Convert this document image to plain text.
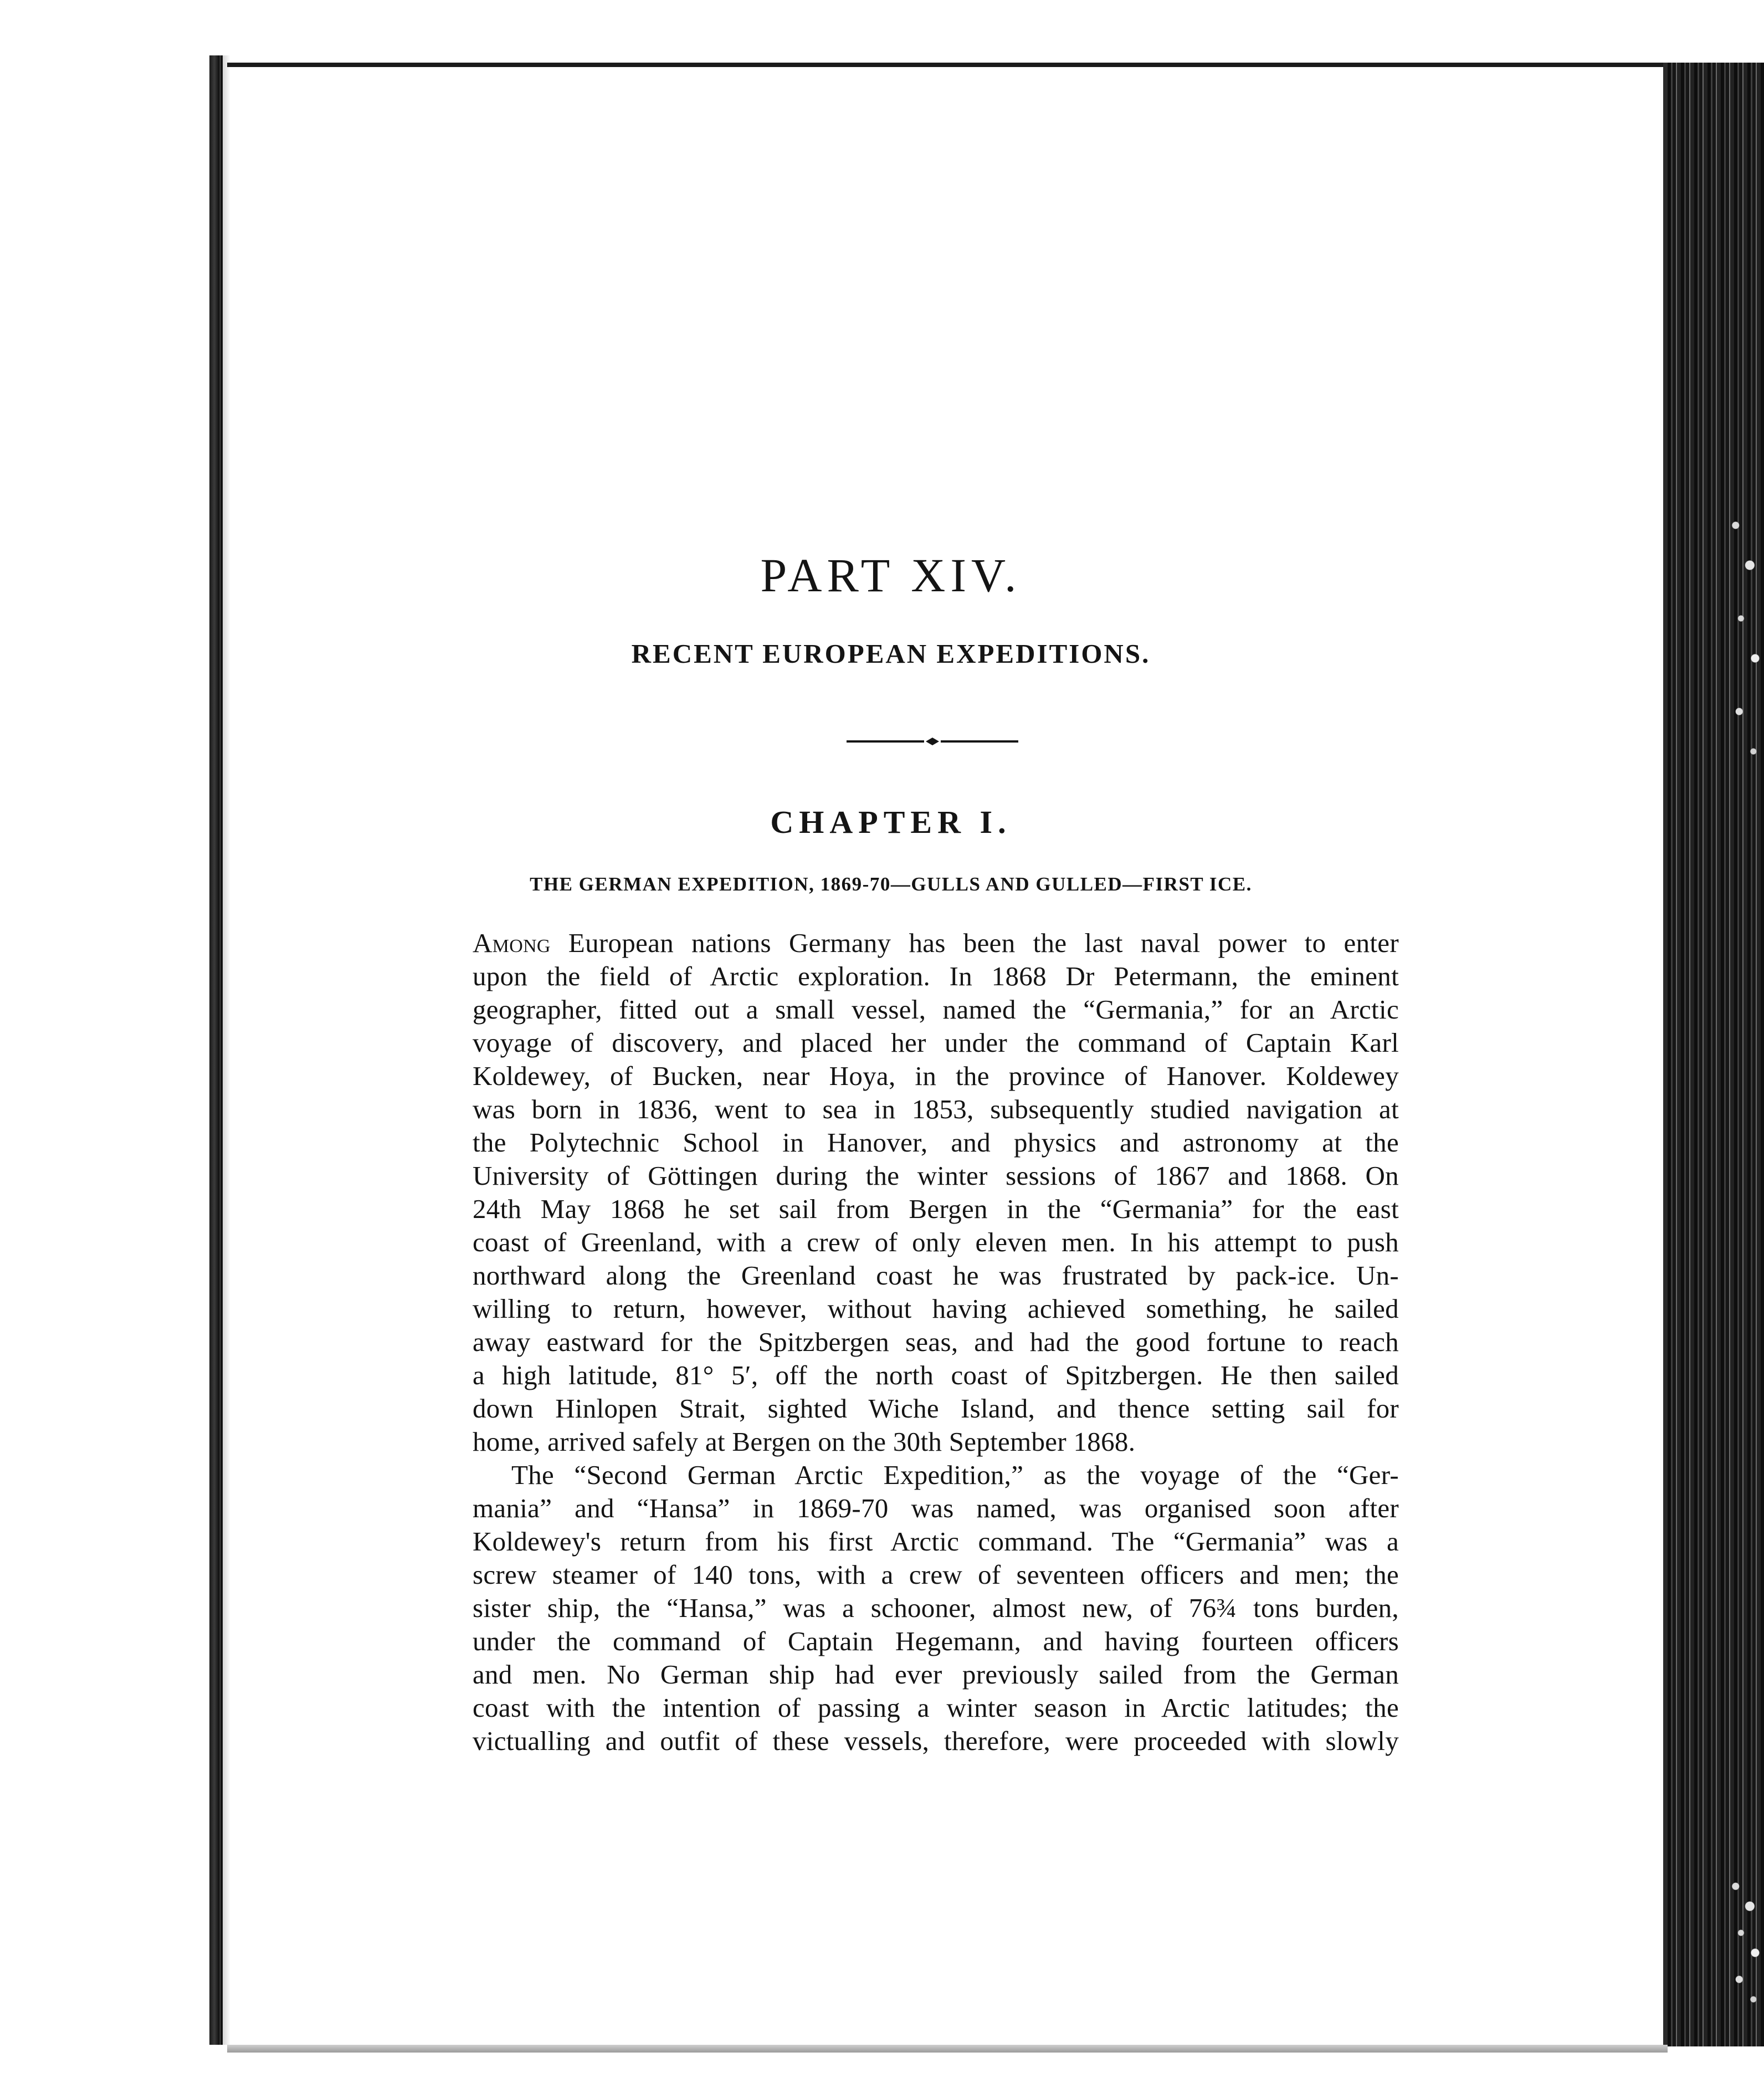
PART XIV.
RECENT EUROPEAN EXPEDITIONS.
CHAPTER I.
THE GERMAN EXPEDITION, 1869-70—GULLS AND GULLED—FIRST ICE.
Among European nations Germany has been the last naval power to enter
upon the field of Arctic exploration. In 1868 Dr Petermann, the eminent
geographer, fitted out a small vessel, named the “Germania,” for an Arctic
voyage of discovery, and placed her under the command of Captain Karl
Koldewey, of Bucken, near Hoya, in the province of Hanover. Koldewey
was born in 1836, went to sea in 1853, subsequently studied navigation at
the Polytechnic School in Hanover, and physics and astronomy at the
University of Göttingen during the winter sessions of 1867 and 1868. On
24th May 1868 he set sail from Bergen in the “Germania” for the east
coast of Greenland, with a crew of only eleven men. In his attempt to push
northward along the Greenland coast he was frustrated by pack-ice. Un-
willing to return, however, without having achieved something, he sailed
away eastward for the Spitzbergen seas, and had the good fortune to reach
a high latitude, 81° 5′, off the north coast of Spitzbergen. He then sailed
down Hinlopen Strait, sighted Wiche Island, and thence setting sail for
home, arrived safely at Bergen on the 30th September 1868.
The “Second German Arctic Expedition,” as the voyage of the “Ger-
mania” and “Hansa” in 1869-70 was named, was organised soon after
Koldewey's return from his first Arctic command. The “Germania” was a
screw steamer of 140 tons, with a crew of seventeen officers and men; the
sister ship, the “Hansa,” was a schooner, almost new, of 76¾ tons burden,
under the command of Captain Hegemann, and having fourteen officers
and men. No German ship had ever previously sailed from the German
coast with the intention of passing a winter season in Arctic latitudes; the
victualling and outfit of these vessels, therefore, were proceeded with slowly
